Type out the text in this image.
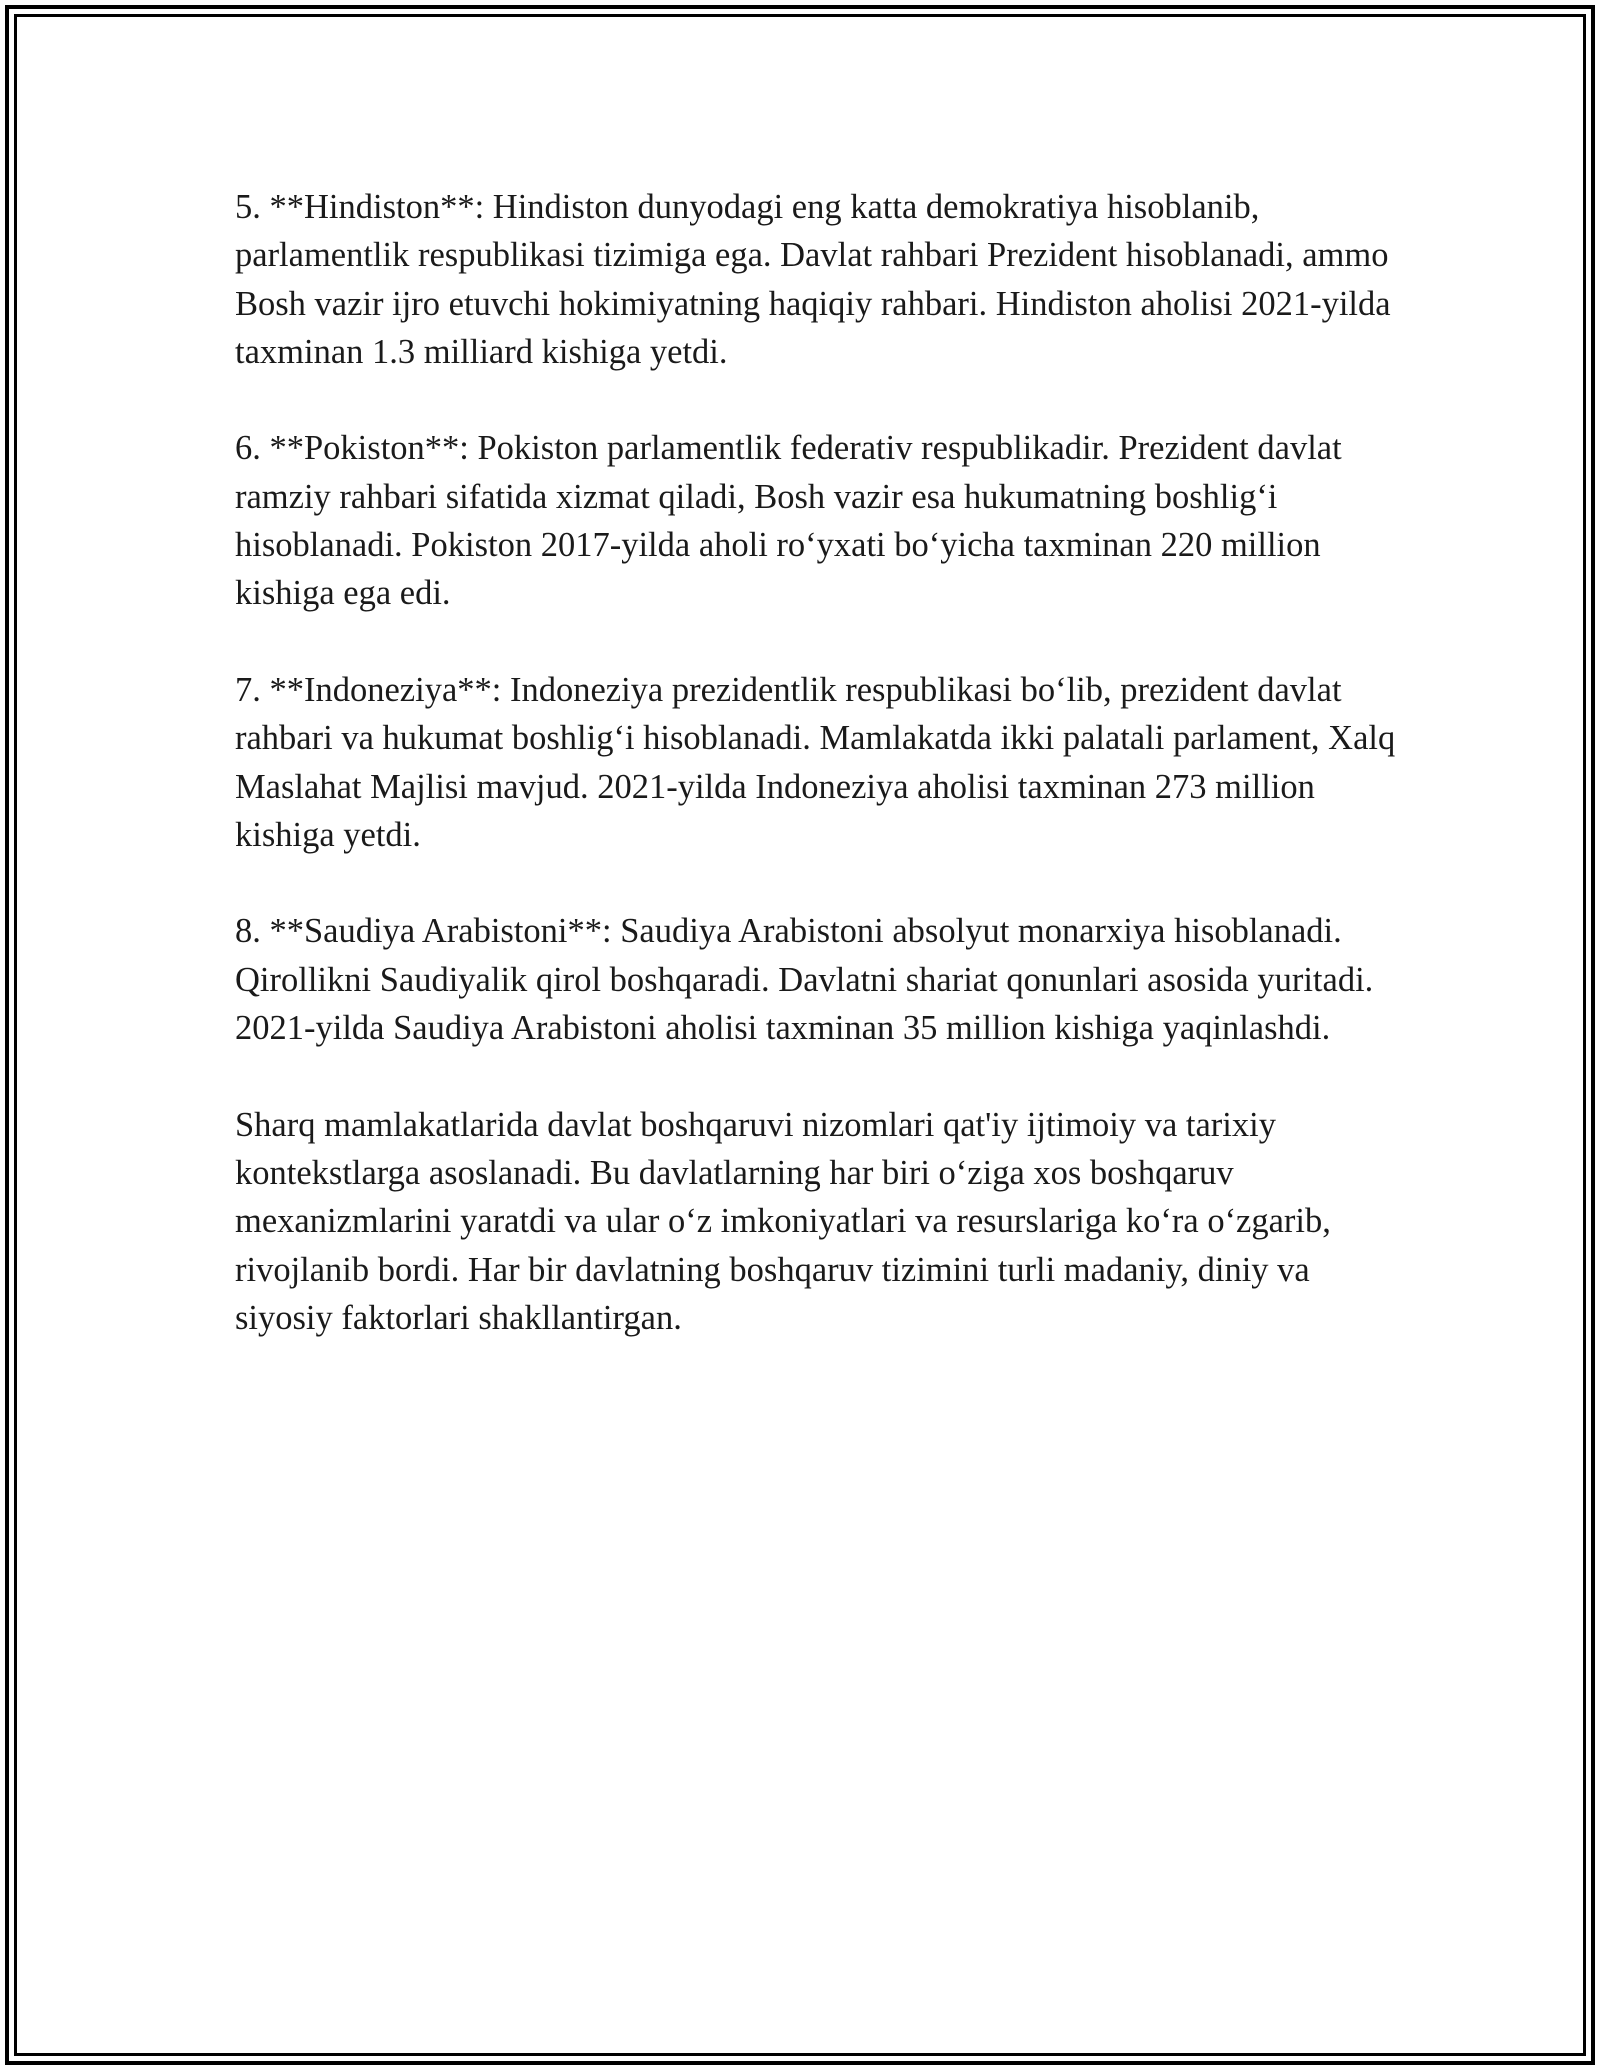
5. **Hindiston**: Hindiston dunyodagi eng katta demokratiya hisoblanib, parlamentlik respublikasi tizimiga ega. Davlat rahbari Prezident hisoblanadi, ammo Bosh vazir ijro etuvchi hokimiyatning haqiqiy rahbari. Hindiston aholisi 2021-yilda taxminan 1.3 milliard kishiga yetdi.

6. **Pokiston**: Pokiston parlamentlik federativ respublikadir. Prezident davlat ramziy rahbari sifatida xizmat qiladi, Bosh vazir esa hukumatning boshlig‘i hisoblanadi. Pokiston 2017-yilda aholi ro‘yxati bo‘yicha taxminan 220 million kishiga ega edi.

7. **Indoneziya**: Indoneziya prezidentlik respublikasi bo‘lib, prezident davlat rahbari va hukumat boshlig‘i hisoblanadi. Mamlakatda ikki palatali parlament, Xalq Maslahat Majlisi mavjud. 2021-yilda Indoneziya aholisi taxminan 273 million kishiga yetdi.

8. **Saudiya Arabistoni**: Saudiya Arabistoni absolyut monarxiya hisoblanadi. Qirollikni Saudiyalik qirol boshqaradi. Davlatni shariat qonunlari asosida yuritadi. 2021-yilda Saudiya Arabistoni aholisi taxminan 35 million kishiga yaqinlashdi.

Sharq mamlakatlarida davlat boshqaruvi nizomlari qat'iy ijtimoiy va tarixiy kontekstlarga asoslanadi. Bu davlatlarning har biri o‘ziga xos boshqaruv mexanizmlarini yaratdi va ular o‘z imkoniyatlari va resurslariga ko‘ra o‘zgarib, rivojlanib bordi. Har bir davlatning boshqaruv tizimini turli madaniy, diniy va siyosiy faktorlari shakllantirgan.
